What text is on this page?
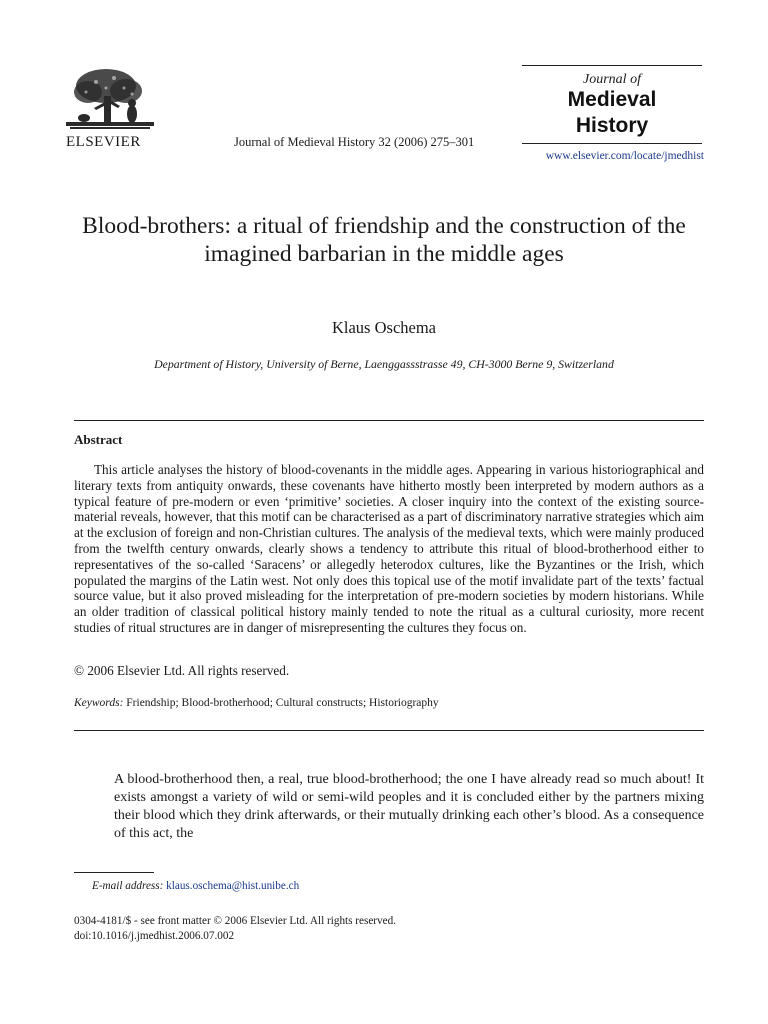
ELSEVIER	Journal of Medieval History 32 (2006) 275–301
Journal of
Medieval
History
www.elsevier.com/locate/jmedhist
Blood-brothers: a ritual of friendship and the construction of the imagined barbarian in the middle ages
Klaus Oschema
Department of History, University of Berne, Laenggassstrasse 49, CH-3000 Berne 9, Switzerland
Abstract

This article analyses the history of blood-covenants in the middle ages. Appearing in various historiographical and literary texts from antiquity onwards, these covenants have hitherto mostly been interpreted by modern authors as a typical feature of pre-modern or even ‘primitive’ societies. A closer inquiry into the context of the existing source-material reveals, however, that this motif can be characterised as a part of discriminatory narrative strategies which aim at the exclusion of foreign and non-Christian cultures. The analysis of the medieval texts, which were mainly produced from the twelfth century onwards, clearly shows a tendency to attribute this ritual of blood-brotherhood either to representatives of the so-called ‘Saracens’ or allegedly heterodox cultures, like the Byzantines or the Irish, which populated the margins of the Latin west. Not only does this topical use of the motif invalidate part of the texts’ factual source value, but it also proved misleading for the interpretation of pre-modern societies by modern historians. While an older tradition of classical political history mainly tended to note the ritual as a cultural curiosity, more recent studies of ritual structures are in danger of misrepresenting the cultures they focus on.

© 2006 Elsevier Ltd. All rights reserved.
Keywords: Friendship; Blood-brotherhood; Cultural constructs; Historiography
A blood-brotherhood then, a real, true blood-brotherhood; the one I have already read so much about! It exists amongst a variety of wild or semi-wild peoples and it is concluded either by the partners mixing their blood which they drink afterwards, or their mutually drinking each other’s blood. As a consequence of this act, the
E-mail address: klaus.oschema@hist.unibe.ch
0304-4181/$ - see front matter © 2006 Elsevier Ltd. All rights reserved.
doi:10.1016/j.jmedhist.2006.07.002
